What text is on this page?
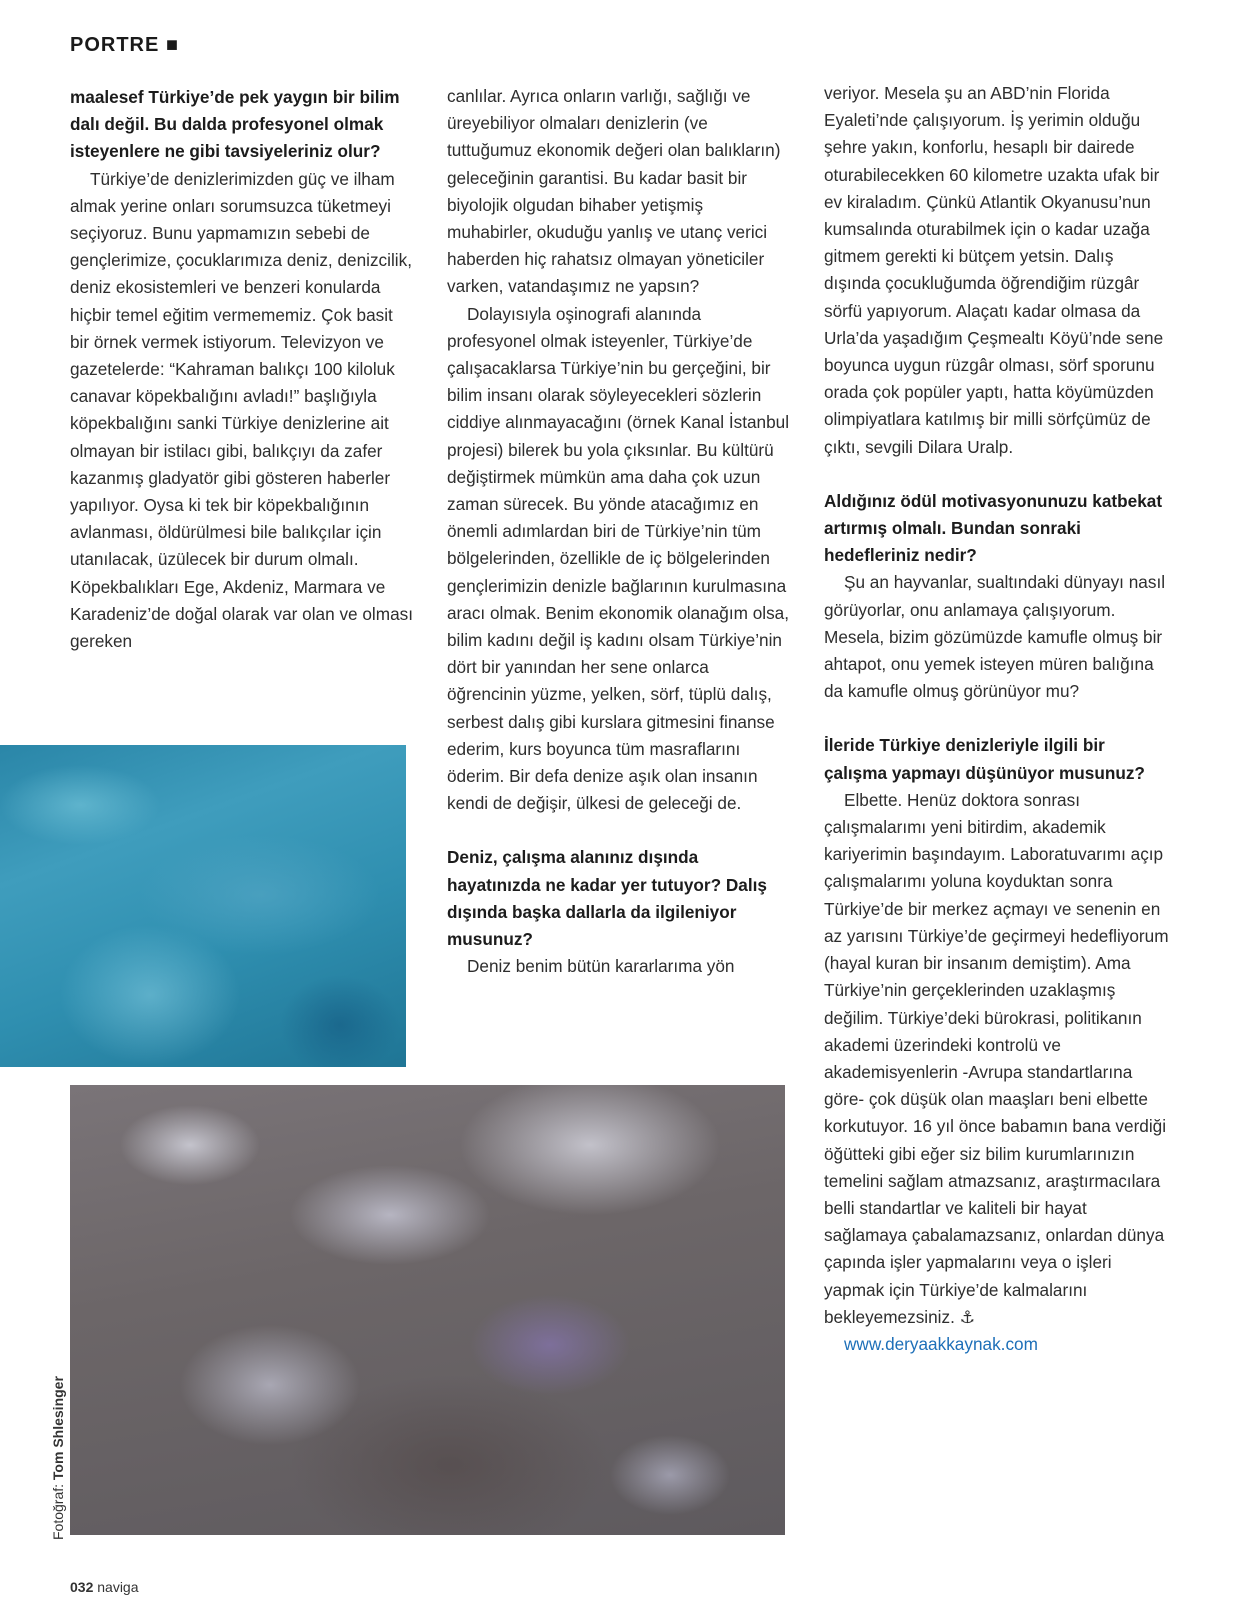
PORTRE ■

maalesef Türkiye’de pek yaygın bir bilim dalı değil. Bu dalda profesyonel olmak isteyenlere ne gibi tavsiyeleriniz olur?

Türkiye’de denizlerimizden güç ve ilham almak yerine onları sorumsuzca tüketmeyi seçiyoruz. Bunu yapmamızın sebebi de gençlerimize, çocuklarımıza deniz, denizcilik, deniz ekosistemleri ve benzeri konularda hiçbir temel eğitim vermememiz. Çok basit bir örnek vermek istiyorum. Televizyon ve gazetelerde: “Kahraman balıkçı 100 kiloluk canavar köpekbalığını avladı!” başlığıyla köpekbalığını sanki Türkiye denizlerine ait olmayan bir istilacı gibi, balıkçıyı da zafer kazanmış gladyatör gibi gösteren haberler yapılıyor. Oysa ki tek bir köpekbalığının avlanması, öldürülmesi bile balıkçılar için utanılacak, üzülecek bir durum olmalı. Köpekbalıkları Ege, Akdeniz, Marmara ve Karadeniz’de doğal olarak var olan ve olması gereken

canlılar. Ayrıca onların varlığı, sağlığı ve üreyebiliyor olmaları denizlerin (ve tuttuğumuz ekonomik değeri olan balıkların) geleceğinin garantisi. Bu kadar basit bir biyolojik olgudan bihaber yetişmiş muhabirler, okuduğu yanlış ve utanç verici haberden hiç rahatsız olmayan yöneticiler varken, vatandaşımız ne yapsın?

Dolayısıyla oşinografi alanında profesyonel olmak isteyenler, Türkiye’de çalışacaklarsa Türkiye’nin bu gerçeğini, bir bilim insanı olarak söyleyecekleri sözlerin ciddiye alınmayacağını (örnek Kanal İstanbul projesi) bilerek bu yola çıksınlar. Bu kültürü değiştirmek mümkün ama daha çok uzun zaman sürecek. Bu yönde atacağımız en önemli adımlardan biri de Türkiye’nin tüm bölgelerinden, özellikle de iç bölgelerinden gençlerimizin denizle bağlarının kurulmasına aracı olmak. Benim ekonomik olanağım olsa, bilim kadını değil iş kadını olsam Türkiye’nin dört bir yanından her sene onlarca öğrencinin yüzme, yelken, sörf, tüplü dalış, serbest dalış gibi kurslara gitmesini finanse ederim, kurs boyunca tüm masraflarını öderim. Bir defa denize aşık olan insanın kendi de değişir, ülkesi de geleceği de.

Deniz, çalışma alanınız dışında hayatınızda ne kadar yer tutuyor? Dalış dışında başka dallarla da ilgileniyor musunuz?

Deniz benim bütün kararlarıma yön

veriyor. Mesela şu an ABD’nin Florida Eyaleti’nde çalışıyorum. İş yerimin olduğu şehre yakın, konforlu, hesaplı bir dairede oturabilecekken 60 kilometre uzakta ufak bir ev kiraladım. Çünkü Atlantik Okyanusu’nun kumsalında oturabilmek için o kadar uzağa gitmem gerekti ki bütçem yetsin. Dalış dışında çocukluğumda öğrendiğim rüzgâr sörfü yapıyorum. Alaçatı kadar olmasa da Urla’da yaşadığım Çeşmealtı Köyü’nde sene boyunca uygun rüzgâr olması, sörf sporunu orada çok popüler yaptı, hatta köyümüzden olimpiyatlara katılmış bir milli sörfçümüz de çıktı, sevgili Dilara Uralp.

Aldığınız ödül motivasyonunuzu katbekat artırmış olmalı. Bundan sonraki hedefleriniz nedir?

Şu an hayvanlar, sualtındaki dünyayı nasıl görüyorlar, onu anlamaya çalışıyorum. Mesela, bizim gözümüzde kamufle olmuş bir ahtapot, onu yemek isteyen müren balığına da kamufle olmuş görünüyor mu?

İleride Türkiye denizleriyle ilgili bir çalışma yapmayı düşünüyor musunuz?

Elbette. Henüz doktora sonrası çalışmalarımı yeni bitirdim, akademik kariyerimin başındayım. Laboratuvarımı açıp çalışmalarımı yoluna koyduktan sonra Türkiye’de bir merkez açmayı ve senenin en az yarısını Türkiye’de geçirmeyi hedefliyorum (hayal kuran bir insanım demiştim). Ama Türkiye’nin gerçeklerinden uzaklaşmış değilim. Türkiye’deki bürokrasi, politikanın akademi üzerindeki kontrolü ve akademisyenlerin -Avrupa standartlarına göre- çok düşük olan maaşları beni elbette korkutuyor. 16 yıl önce babamın bana verdiği öğütteki gibi eğer siz bilim kurumlarınızın temelini sağlam atmazsanız, araştırmacılara belli standartlar ve kaliteli bir hayat sağlamaya çabalamazsanız, onlardan dünya çapında işler yapmalarını veya o işleri yapmak için Türkiye’de kalmalarını bekleyemezsiniz. ⚓

www.deryaakkaynak.com

Fotoğraf: Tom Shlesinger
032 naviga
